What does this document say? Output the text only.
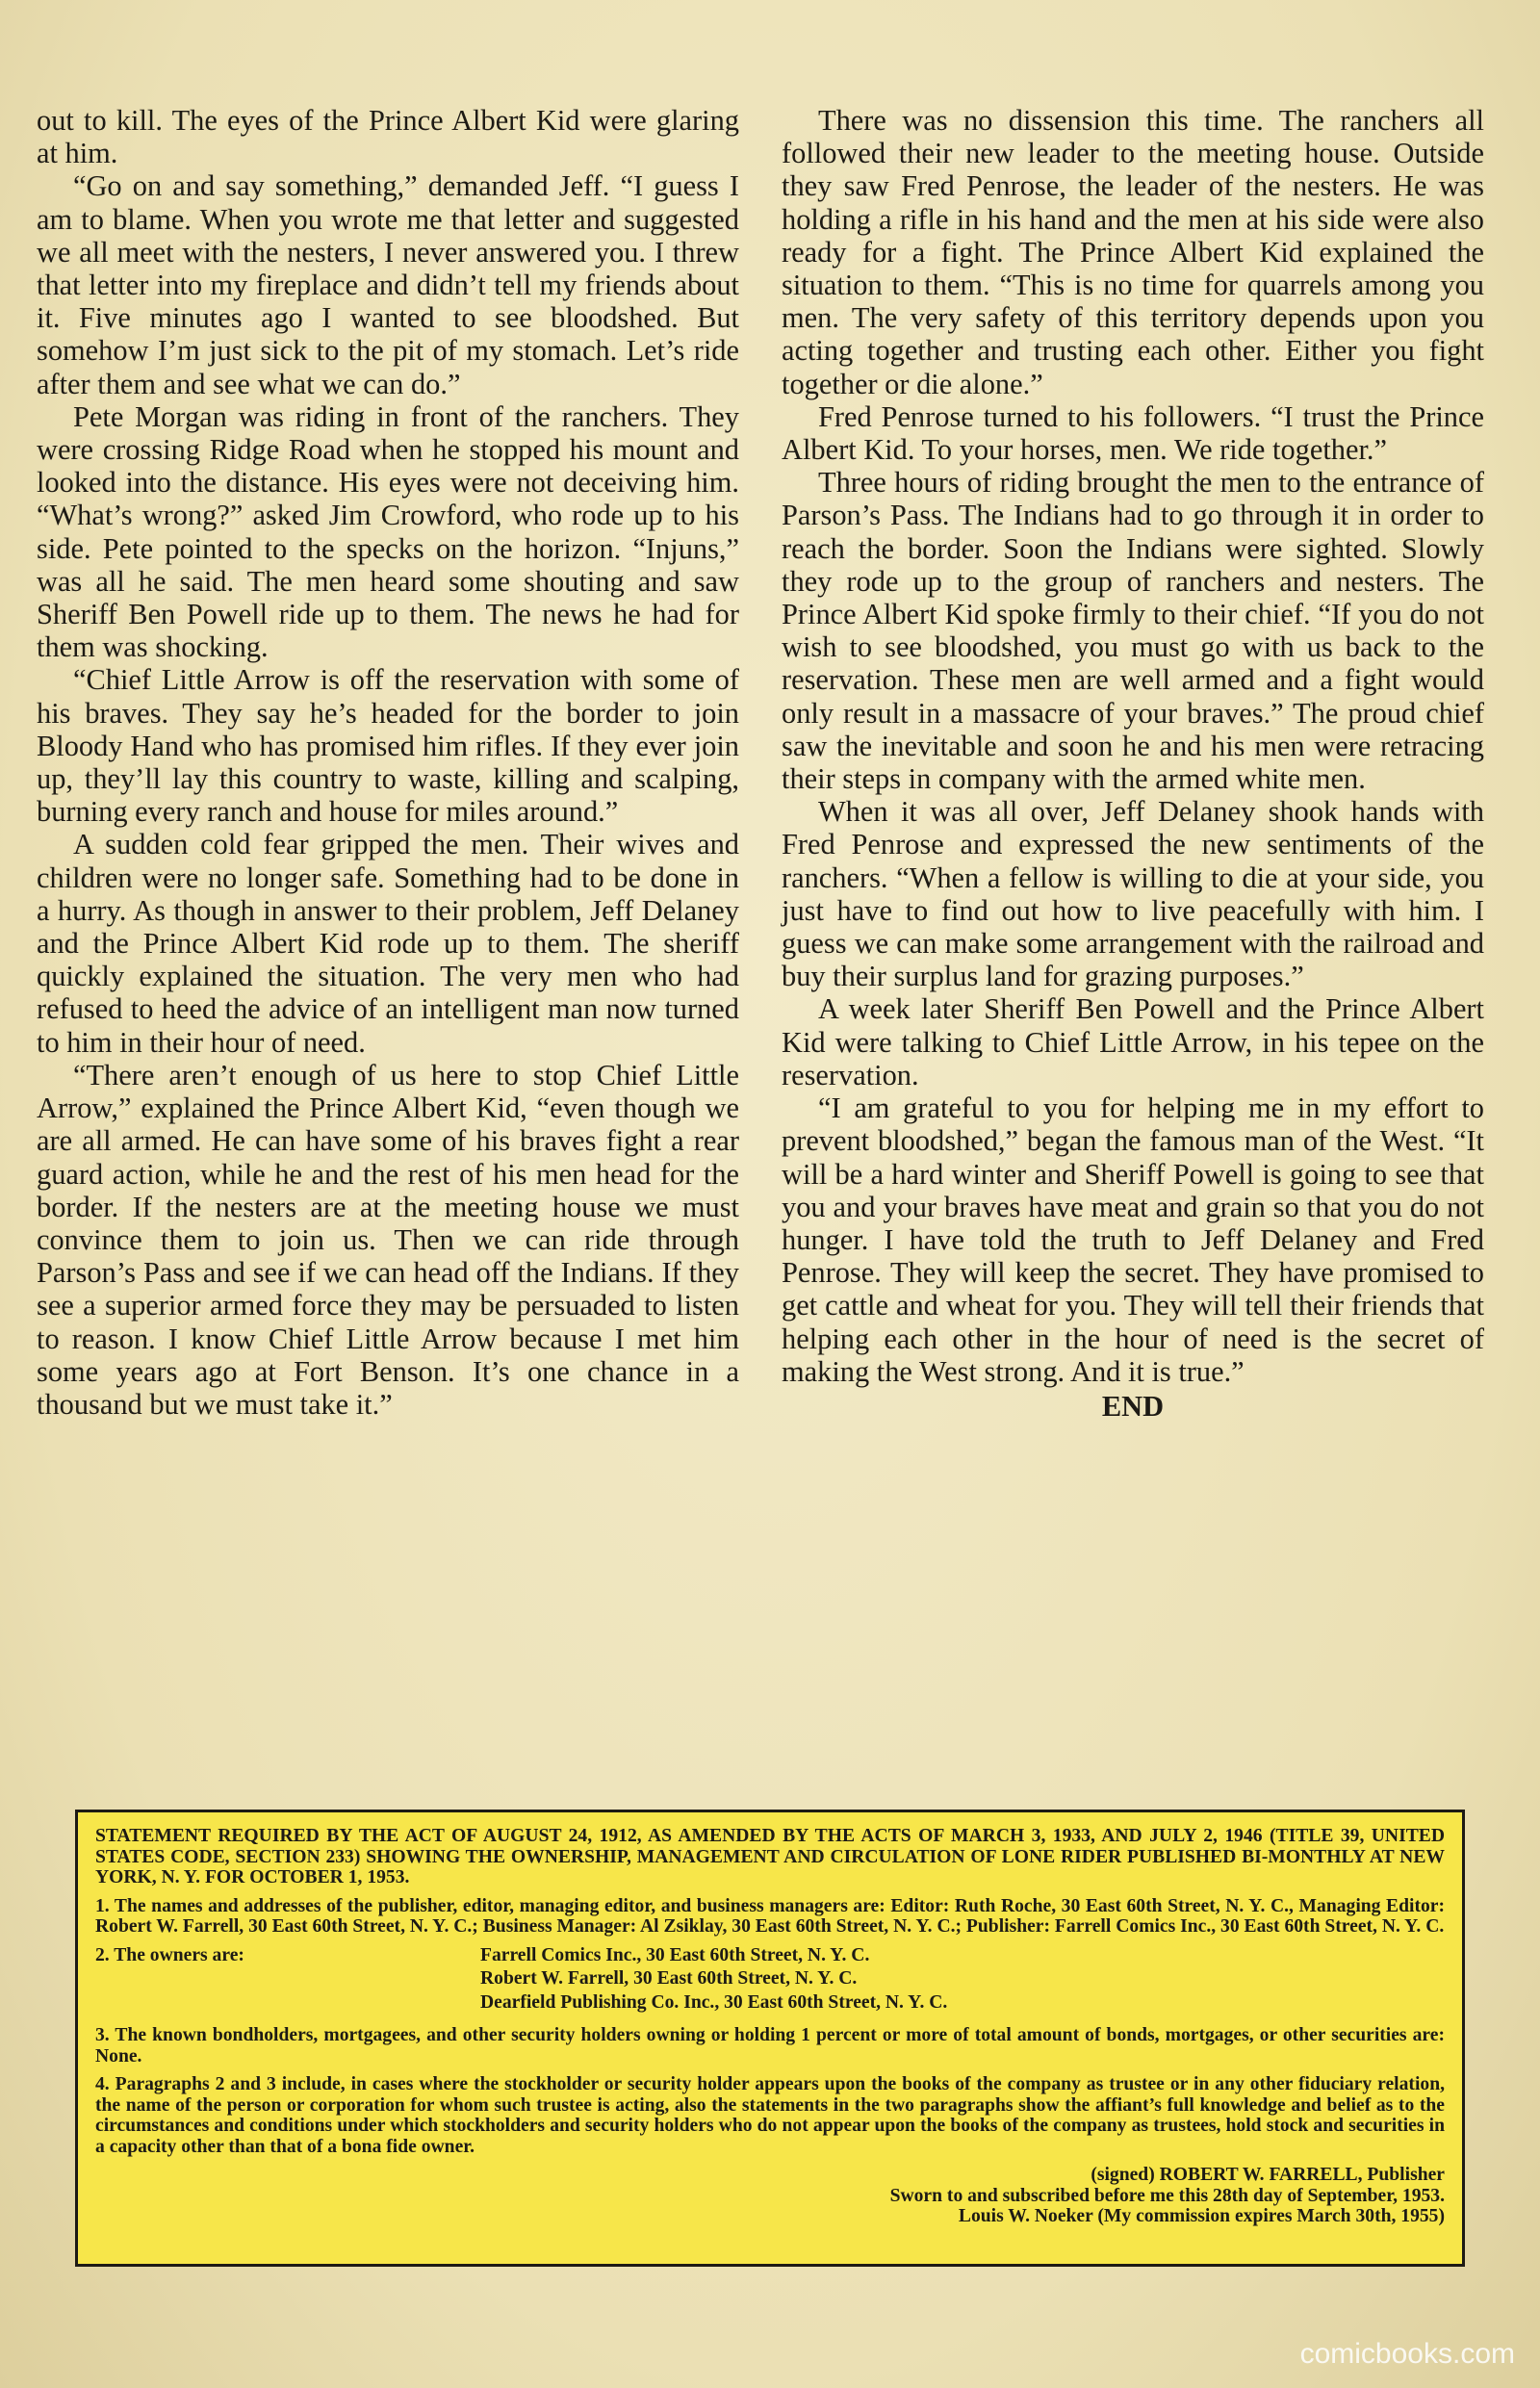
out to kill. The eyes of the Prince Albert Kid were glaring at him.

“Go on and say something,” demanded Jeff. “I guess I am to blame. When you wrote me that letter and suggested we all meet with the nesters, I never answered you. I threw that letter into my fireplace and didn’t tell my friends about it. Five minutes ago I wanted to see bloodshed. But somehow I’m just sick to the pit of my stomach. Let’s ride after them and see what we can do.”

Pete Morgan was riding in front of the ranchers. They were crossing Ridge Road when he stopped his mount and looked into the distance. His eyes were not deceiving him. “What’s wrong?” asked Jim Crowford, who rode up to his side. Pete pointed to the specks on the horizon. “Injuns,” was all he said. The men heard some shouting and saw Sheriff Ben Powell ride up to them. The news he had for them was shocking.

“Chief Little Arrow is off the reservation with some of his braves. They say he’s headed for the border to join Bloody Hand who has promised him rifles. If they ever join up, they’ll lay this country to waste, killing and scalping, burning every ranch and house for miles around.”

A sudden cold fear gripped the men. Their wives and children were no longer safe. Something had to be done in a hurry. As though in answer to their problem, Jeff Delaney and the Prince Albert Kid rode up to them. The sheriff quickly explained the situation. The very men who had refused to heed the advice of an intelligent man now turned to him in their hour of need.

“There aren’t enough of us here to stop Chief Little Arrow,” explained the Prince Albert Kid, “even though we are all armed. He can have some of his braves fight a rear guard action, while he and the rest of his men head for the border. If the nesters are at the meeting house we must convince them to join us. Then we can ride through Parson’s Pass and see if we can head off the Indians. If they see a superior armed force they may be persuaded to listen to reason. I know Chief Little Arrow because I met him some years ago at Fort Benson. It’s one chance in a thousand but we must take it.”

There was no dissension this time. The ranchers all followed their new leader to the meeting house. Outside they saw Fred Penrose, the leader of the nesters. He was holding a rifle in his hand and the men at his side were also ready for a fight. The Prince Albert Kid explained the situation to them. “This is no time for quarrels among you men. The very safety of this territory depends upon you acting together and trusting each other. Either you fight together or die alone.”

Fred Penrose turned to his followers. “I trust the Prince Albert Kid. To your horses, men. We ride together.”

Three hours of riding brought the men to the entrance of Parson’s Pass. The Indians had to go through it in order to reach the border. Soon the Indians were sighted. Slowly they rode up to the group of ranchers and nesters. The Prince Albert Kid spoke firmly to their chief. “If you do not wish to see bloodshed, you must go with us back to the reservation. These men are well armed and a fight would only result in a massacre of your braves.” The proud chief saw the inevitable and soon he and his men were retracing their steps in company with the armed white men.

When it was all over, Jeff Delaney shook hands with Fred Penrose and expressed the new sentiments of the ranchers. “When a fellow is willing to die at your side, you just have to find out how to live peacefully with him. I guess we can make some arrangement with the railroad and buy their surplus land for grazing purposes.”

A week later Sheriff Ben Powell and the Prince Albert Kid were talking to Chief Little Arrow, in his tepee on the reservation.

“I am grateful to you for helping me in my effort to prevent bloodshed,” began the famous man of the West. “It will be a hard winter and Sheriff Powell is going to see that you and your braves have meat and grain so that you do not hunger. I have told the truth to Jeff Delaney and Fred Penrose. They will keep the secret. They have promised to get cattle and wheat for you. They will tell their friends that helping each other in the hour of need is the secret of making the West strong. And it is true.”

END

STATEMENT REQUIRED BY THE ACT OF AUGUST 24, 1912, AS AMENDED BY THE ACTS OF MARCH 3, 1933, AND JULY 2, 1946 (TITLE 39, UNITED STATES CODE, SECTION 233) SHOWING THE OWNERSHIP, MANAGEMENT AND CIRCULATION OF LONE RIDER PUBLISHED BI-MONTHLY AT NEW YORK, N. Y. FOR OCTOBER 1, 1953.

1. The names and addresses of the publisher, editor, managing editor, and business managers are: Editor: Ruth Roche, 30 East 60th Street, N. Y. C., Managing Editor: Robert W. Farrell, 30 East 60th Street, N. Y. C.; Business Manager: Al Zsiklay, 30 East 60th Street, N. Y. C.; Publisher: Farrell Comics Inc., 30 East 60th Street, N. Y. C.

2. The owners are:	Farrell Comics Inc., 30 East 60th Street, N. Y. C.
Robert W. Farrell, 30 East 60th Street, N. Y. C.
Dearfield Publishing Co. Inc., 30 East 60th Street, N. Y. C.

3. The known bondholders, mortgagees, and other security holders owning or holding 1 percent or more of total amount of bonds, mortgages, or other securities are: None.

4. Paragraphs 2 and 3 include, in cases where the stockholder or security holder appears upon the books of the company as trustee or in any other fiduciary relation, the name of the person or corporation for whom such trustee is acting, also the statements in the two paragraphs show the affiant’s full knowledge and belief as to the circumstances and conditions under which stockholders and security holders who do not appear upon the books of the company as trustees, hold stock and securities in a capacity other than that of a bona fide owner.

(signed) ROBERT W. FARRELL, Publisher

Sworn to and subscribed before me this 28th day of September, 1953.

Louis W. Noeker (My commission expires March 30th, 1955)

comicbooks.com
